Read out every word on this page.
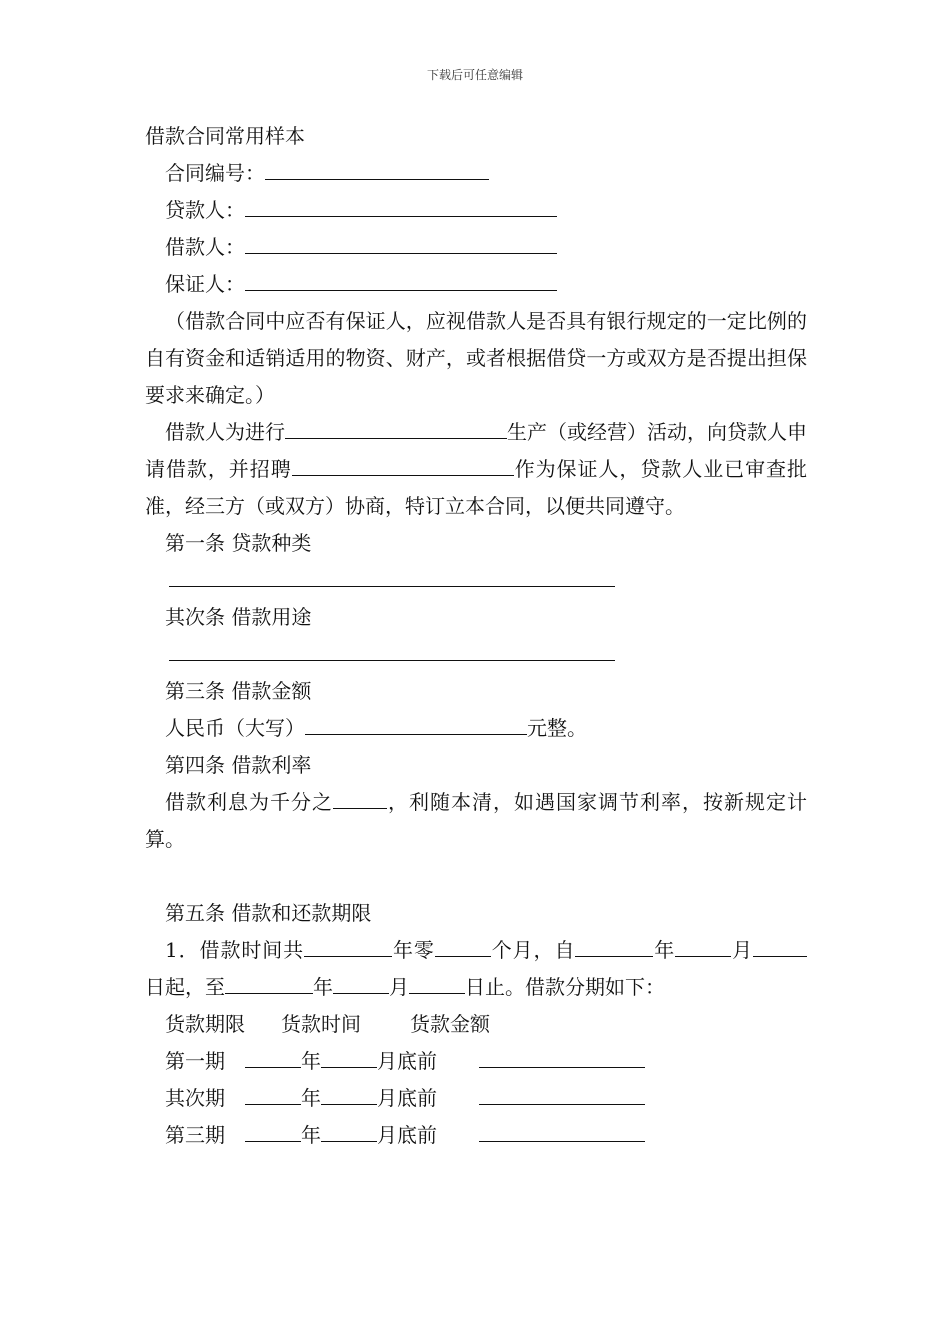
下载后可任意编辑
借款合同常用样本
合同编号：
贷款人：
借款人：
保证人：
（借款合同中应否有保证人，应视借款人是否具有银行规定的一定比例的自有资金和适销适用的物资、财产，或者根据借贷一方或双方是否提出担保要求来确定。）
借款人为进行	生产（或经营）活动，向贷款人申请借款，并招聘	作为保证人，贷款人业已审查批准，经三方（或双方）协商，特订立本合同，以便共同遵守。
第一条 贷款种类
其次条 借款用途
第三条 借款金额
人民币（大写）	元整。
第四条 借款利率
借款利息为千分之	，利随本清，如遇国家调节利率，按新规定计算。
第五条 借款和还款期限
1．借款时间共	年零	个月，自	年	月日起，至	年	月	日止。借款分期如下：
货款期限 货款时间 货款金额
第一期	年	月底前
其次期	年	月底前
第三期	年	月底前
